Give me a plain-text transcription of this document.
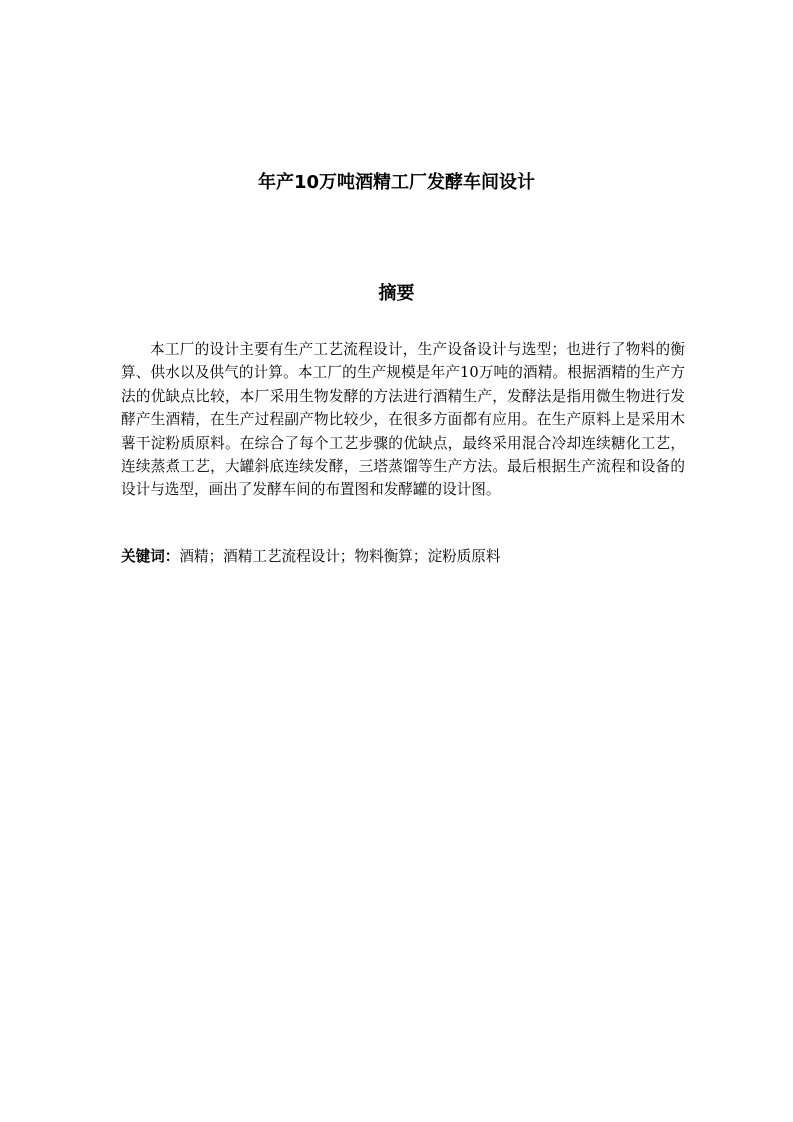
年产10万吨酒精工厂发酵车间设计
摘要

本工厂的设计主要有生产工艺流程设计，生产设备设计与选型；也进行了物料的衡算、供水以及供气的计算。本工厂的生产规模是年产10万吨的酒精。根据酒精的生产方法的优缺点比较，本厂采用生物发酵的方法进行酒精生产，发酵法是指用微生物进行发酵产生酒精，在生产过程副产物比较少，在很多方面都有应用。在生产原料上是采用木薯干淀粉质原料。在综合了每个工艺步骤的优缺点，最终采用混合冷却连续糖化工艺，连续蒸煮工艺，大罐斜底连续发酵，三塔蒸馏等生产方法。最后根据生产流程和设备的设计与选型，画出了发酵车间的布置图和发酵罐的设计图。

关键词：酒精；酒精工艺流程设计；物料衡算；淀粉质原料
